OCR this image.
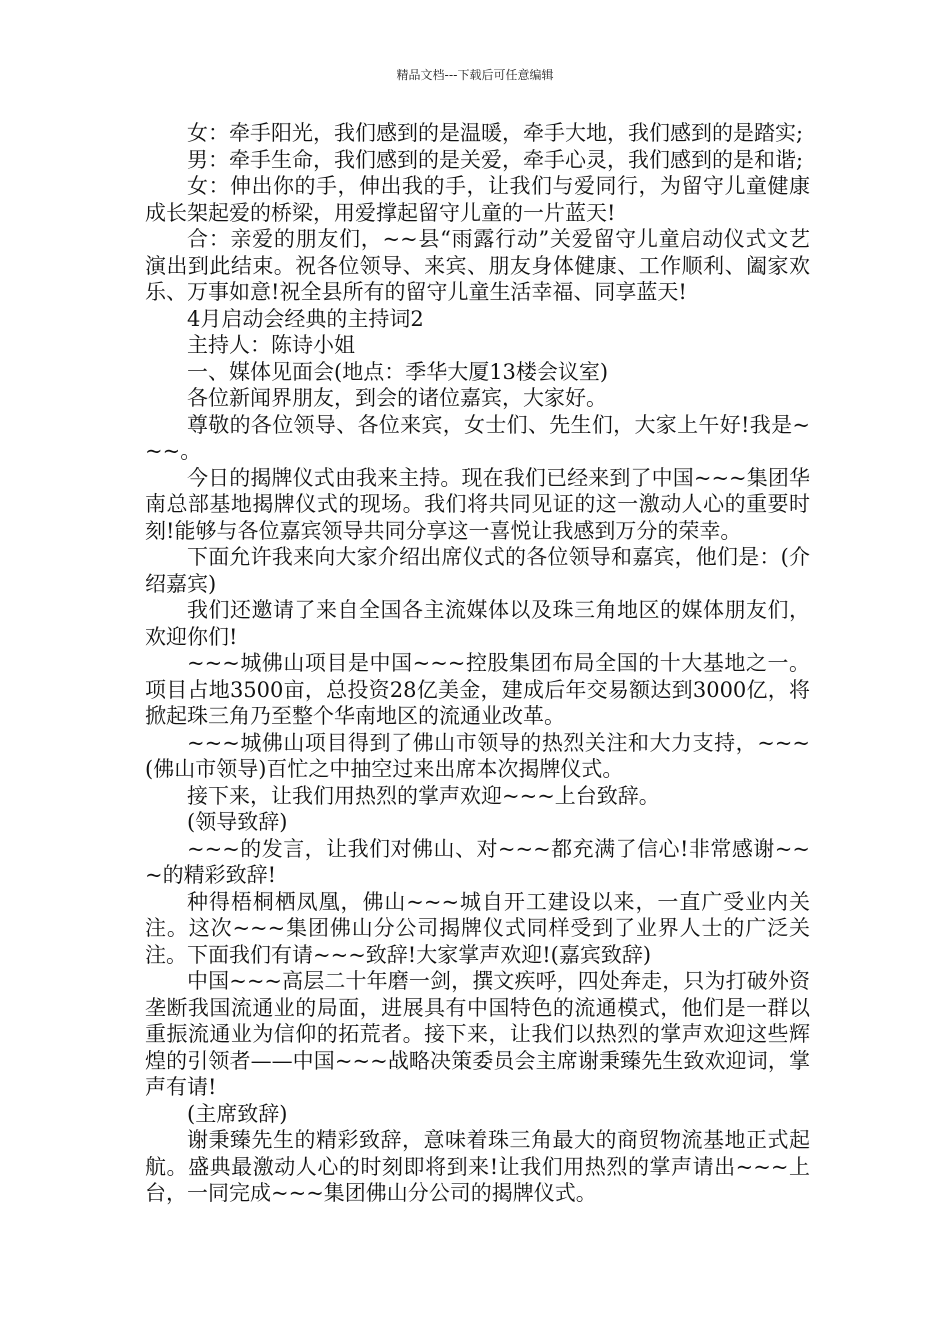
精品文档---下载后可任意编辑

女：牵手阳光，我们感到的是温暖，牵手大地，我们感到的是踏实;

男：牵手生命，我们感到的是关爱，牵手心灵，我们感到的是和谐;

女：伸出你的手，伸出我的手，让我们与爱同行，为留守儿童健康成长架起爱的桥梁，用爱撑起留守儿童的一片蓝天!

合：亲爱的朋友们，~~县“雨露行动”关爱留守儿童启动仪式文艺演出到此结束。祝各位领导、来宾、朋友身体健康、工作顺利、阖家欢乐、万事如意!祝全县所有的留守儿童生活幸福、同享蓝天!

4月启动会经典的主持词2

主持人：陈诗小姐

一、媒体见面会(地点：季华大厦13楼会议室)

各位新闻界朋友，到会的诸位嘉宾，大家好。

尊敬的各位领导、各位来宾，女士们、先生们，大家上午好!我是~~~。

今日的揭牌仪式由我来主持。现在我们已经来到了中国~~~集团华南总部基地揭牌仪式的现场。我们将共同见证的这一激动人心的重要时刻!能够与各位嘉宾领导共同分享这一喜悦让我感到万分的荣幸。

下面允许我来向大家介绍出席仪式的各位领导和嘉宾，他们是：(介绍嘉宾)

我们还邀请了来自全国各主流媒体以及珠三角地区的媒体朋友们，欢迎你们!

~~~城佛山项目是中国~~~控股集团布局全国的十大基地之一。项目占地3500亩，总投资28亿美金，建成后年交易额达到3000亿，将掀起珠三角乃至整个华南地区的流通业改革。

~~~城佛山项目得到了佛山市领导的热烈关注和大力支持，~~~(佛山市领导)百忙之中抽空过来出席本次揭牌仪式。

接下来，让我们用热烈的掌声欢迎~~~上台致辞。

(领导致辞)

~~~的发言，让我们对佛山、对~~~都充满了信心!非常感谢~~~的精彩致辞!

种得梧桐栖凤凰，佛山~~~城自开工建设以来，一直广受业内关注。这次~~~集团佛山分公司揭牌仪式同样受到了业界人士的广泛关注。下面我们有请~~~致辞!大家掌声欢迎!(嘉宾致辞)

中国~~~高层二十年磨一剑，撰文疾呼，四处奔走，只为打破外资垄断我国流通业的局面，进展具有中国特色的流通模式，他们是一群以重振流通业为信仰的拓荒者。接下来，让我们以热烈的掌声欢迎这些辉煌的引领者——中国~~~战略决策委员会主席谢秉臻先生致欢迎词，掌声有请!

(主席致辞)

谢秉臻先生的精彩致辞，意味着珠三角最大的商贸物流基地正式起航。盛典最激动人心的时刻即将到来!让我们用热烈的掌声请出~~~上台，一同完成~~~集团佛山分公司的揭牌仪式。
